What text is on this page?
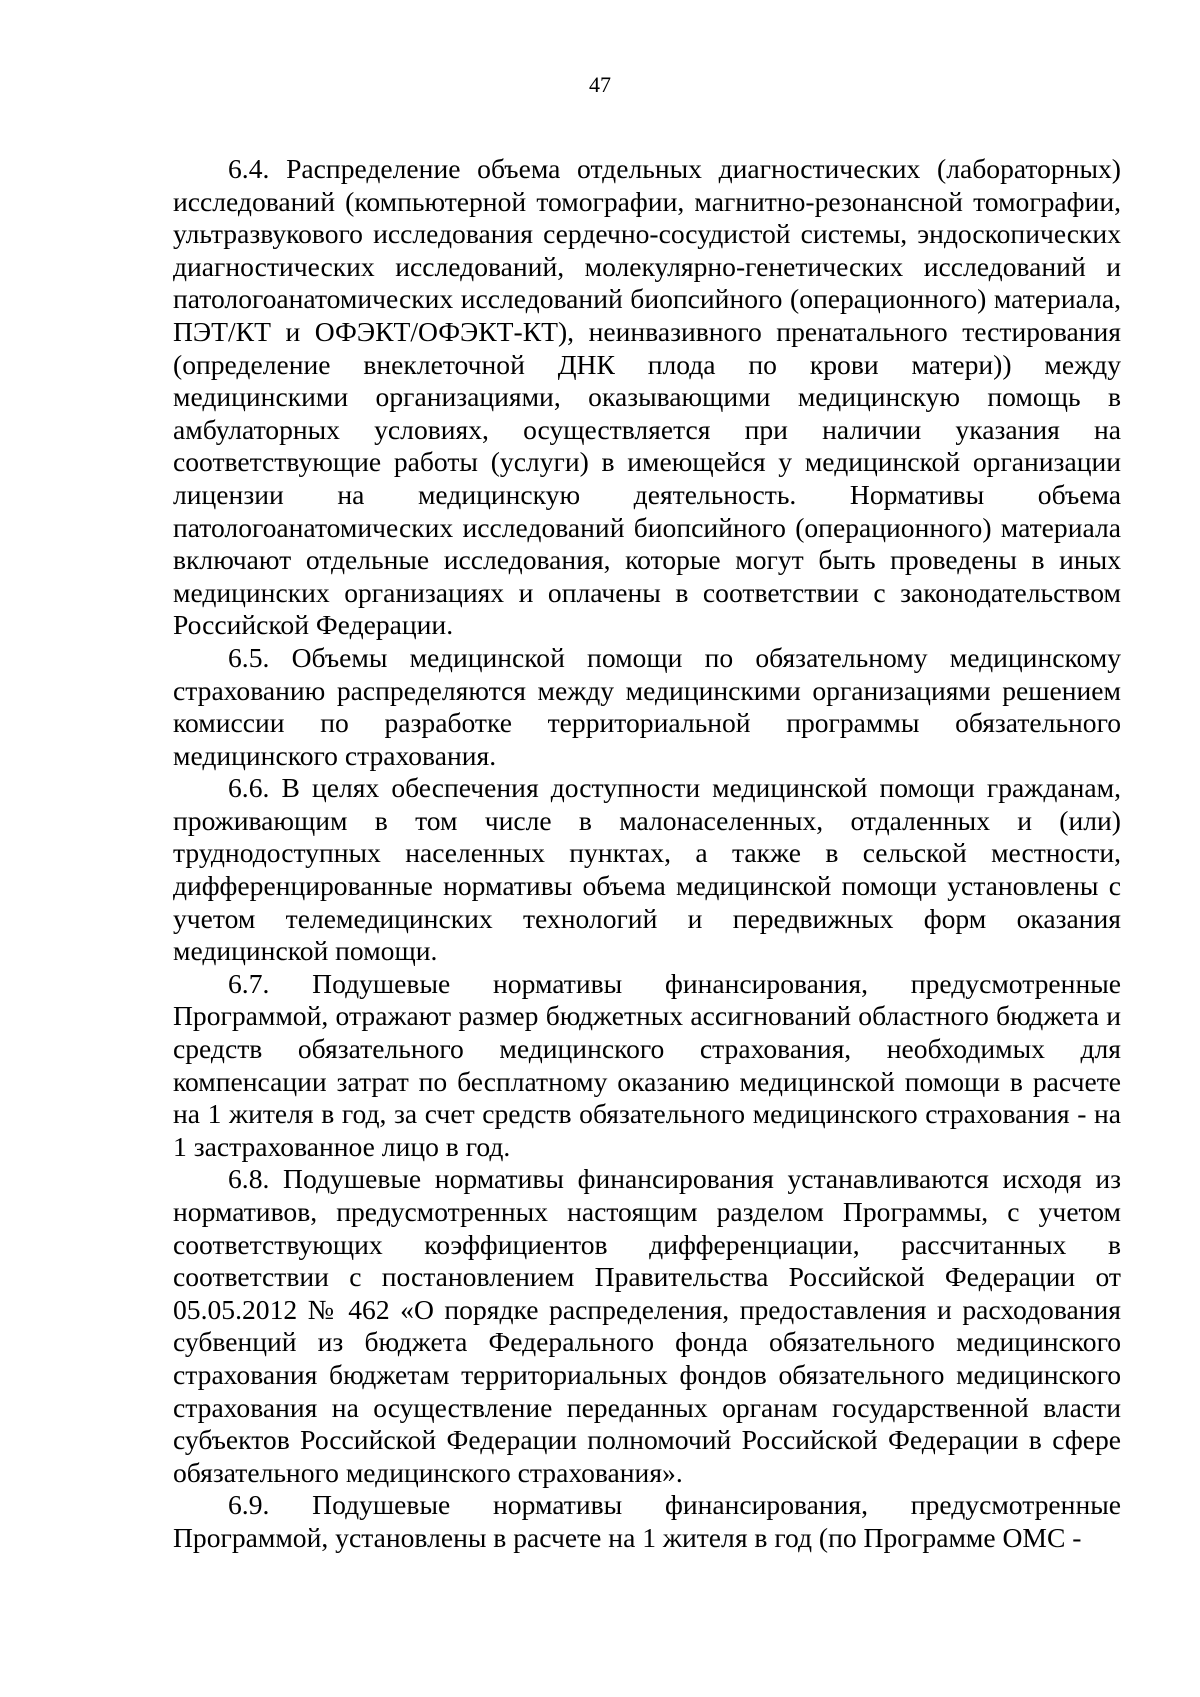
47

6.4. Распределение объема отдельных диагностических (лабораторных) исследований (компьютерной томографии, магнитно-резонансной томографии, ультразвукового исследования сердечно-сосудистой системы, эндоскопических диагностических исследований, молекулярно-генетических исследований и патологоанатомических исследований биопсийного (операционного) материала, ПЭТ/КТ и ОФЭКТ/ОФЭКТ-КТ), неинвазивного пренатального тестирования (определение внеклеточной ДНК плода по крови матери)) между медицинскими организациями, оказывающими медицинскую помощь в амбулаторных условиях, осуществляется при наличии указания на соответствующие работы (услуги) в имеющейся у медицинской организации лицензии на медицинскую деятельность. Нормативы объема патологоанатомических исследований биопсийного (операционного) материала включают отдельные исследования, которые могут быть проведены в иных медицинских организациях и оплачены в соответствии с законодательством Российской Федерации.

6.5. Объемы медицинской помощи по обязательному медицинскому страхованию распределяются между медицинскими организациями решением комиссии по разработке территориальной программы обязательного медицинского страхования.

6.6. В целях обеспечения доступности медицинской помощи гражданам, проживающим в том числе в малонаселенных, отдаленных и (или) труднодоступных населенных пунктах, а также в сельской местности, дифференцированные нормативы объема медицинской помощи установлены с учетом телемедицинских технологий и передвижных форм оказания медицинской помощи.

6.7. Подушевые нормативы финансирования, предусмотренные Программой, отражают размер бюджетных ассигнований областного бюджета и средств обязательного медицинского страхования, необходимых для компенсации затрат по бесплатному оказанию медицинской помощи в расчете на 1 жителя в год, за счет средств обязательного медицинского страхования - на 1 застрахованное лицо в год.

6.8. Подушевые нормативы финансирования устанавливаются исходя из нормативов, предусмотренных настоящим разделом Программы, с учетом соответствующих коэффициентов дифференциации, рассчитанных в соответствии с постановлением Правительства Российской Федерации от 05.05.2012 № 462 «О порядке распределения, предоставления и расходования субвенций из бюджета Федерального фонда обязательного медицинского страхования бюджетам территориальных фондов обязательного медицинского страхования на осуществление переданных органам государственной власти субъектов Российской Федерации полномочий Российской Федерации в сфере обязательного медицинского страхования».

6.9. Подушевые нормативы финансирования, предусмотренные Программой, установлены в расчете на 1 жителя в год (по Программе ОМС -
